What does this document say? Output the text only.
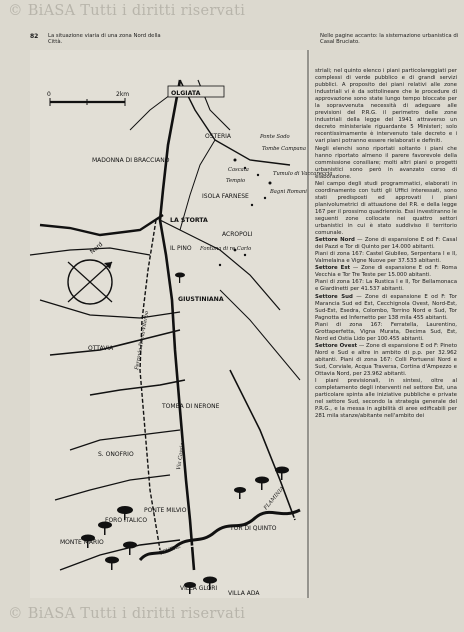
© BiASA Tutti i diritti riservati
82 La situazione viaria di una zona Nord della Città.
Nelle pagine accanto: la sistemazione urbanistica di Casal Bruciato.
0	2km
Nord
OLGIATA
OSTERIA	Ponte Sodo
Tombe Campana
Cascata
Tempio
Tumulo di Vaccareccia
Bagni Romani
MADONNA DI BRACCIANO
ISOLA FARNESE
LA STORTA
ACROPOLI
IL PINO Fontana di re Carlo
GIUSTINIANA
OTTAVIA
TOMBA DI NERONE
S. ONOFRIO
FORO ITALICO
MONTE MARIO
PONTE MILVIO
TOR DI QUINTO
VILLA GLORI
VILLA ADA
Ferrovia Roma-Viterbo
Via Cassia
FLAMINIA
TEVERE

striali; nel quinto elenco i piani particolareggiati per complessi di verde pubblico e di grandi servizi pubblici. A proposito dei piani relativi alle zone industriali vi è da sottolineare che le procedure di approvazione sono state lungo tempo bloccate per la sopravvenuta necessità di adeguare alle previsioni del P.R.G. il perimetro delle zone industriali della legge del 1941 attraverso un decreto ministeriale riguardante 5 Ministeri; solo recentissimamente è intervenuto tale decreto e i vari piani potranno essere rielaborati e definiti.

Negli elenchi sono riportati soltanto i piani che hanno riportato almeno il parere favorevole della commissione consiliare; molti altri piani o progetti urbanistici sono però in avanzato corso di elaborazione.

Nel campo degli studi programmatici, elaborati in coordinamento con tutti gli Uffici interessati, sono stati predisposti ed approvati i piani planivolumetrici di attuazione del P.R. e della legge 167 per il prossimo quadriennio. Essi investiranno le seguenti zone collocate nei quattro settori urbanistici in cui è stato suddiviso il territorio comunale.

Settore Nord — Zone di espansione E od F: Casal dei Pazzi e Tor di Quinto per 14.000 abitanti.

Piani di zona 167: Castel Giubileo, Serpentara I e II, Valmelaina e Vigne Nuove per 37.533 abitanti.

Settore Est — Zone di espansione E od F: Roma Vecchia e Tor Tre Teste per 15.000 abitanti.

Piani di zona 167: La Rustica I e II, Tor Bellamonaca e Giardinetti per 41.537 abitanti.

Settore Sud — Zone di espansione E od F: Tor Marancia Sud ed Est, Cecchignola Ovest, Nord-Est, Sud-Est, Esedra, Colombo, Torrino Nord e Sud, Tor Pagnotta ed Infernetto per 138 mila 455 abitanti.

Piani di zona 167: Ferratella, Laurentino, Grottaperfetta, Vigna Murata, Decima Sud, Est, Nord ed Ostia Lido per 100.455 abitanti.

Settore Ovest — Zone di espansione E od F: Pineto Nord e Sud e altre in ambito di p.p. per 32.962 abitanti. Piani di zona 167: Colli Portuensi Nord e Sud, Corviale, Acqua Traversa, Cortina d'Ampezzo e Ottavia Nord, per 23.962 abitanti.

I piani previsionali, in sintesi, oltre al completamento degli interventi nel settore Est, una particolare spinta alle iniziative pubbliche e private nel settore Sud, secondo la strategia generale del P.R.G., e la messa in agibilità di aree edificabili per 281 mila stanze/abitante nell'ambito dei

© BiASA Tutti i diritti riservati
